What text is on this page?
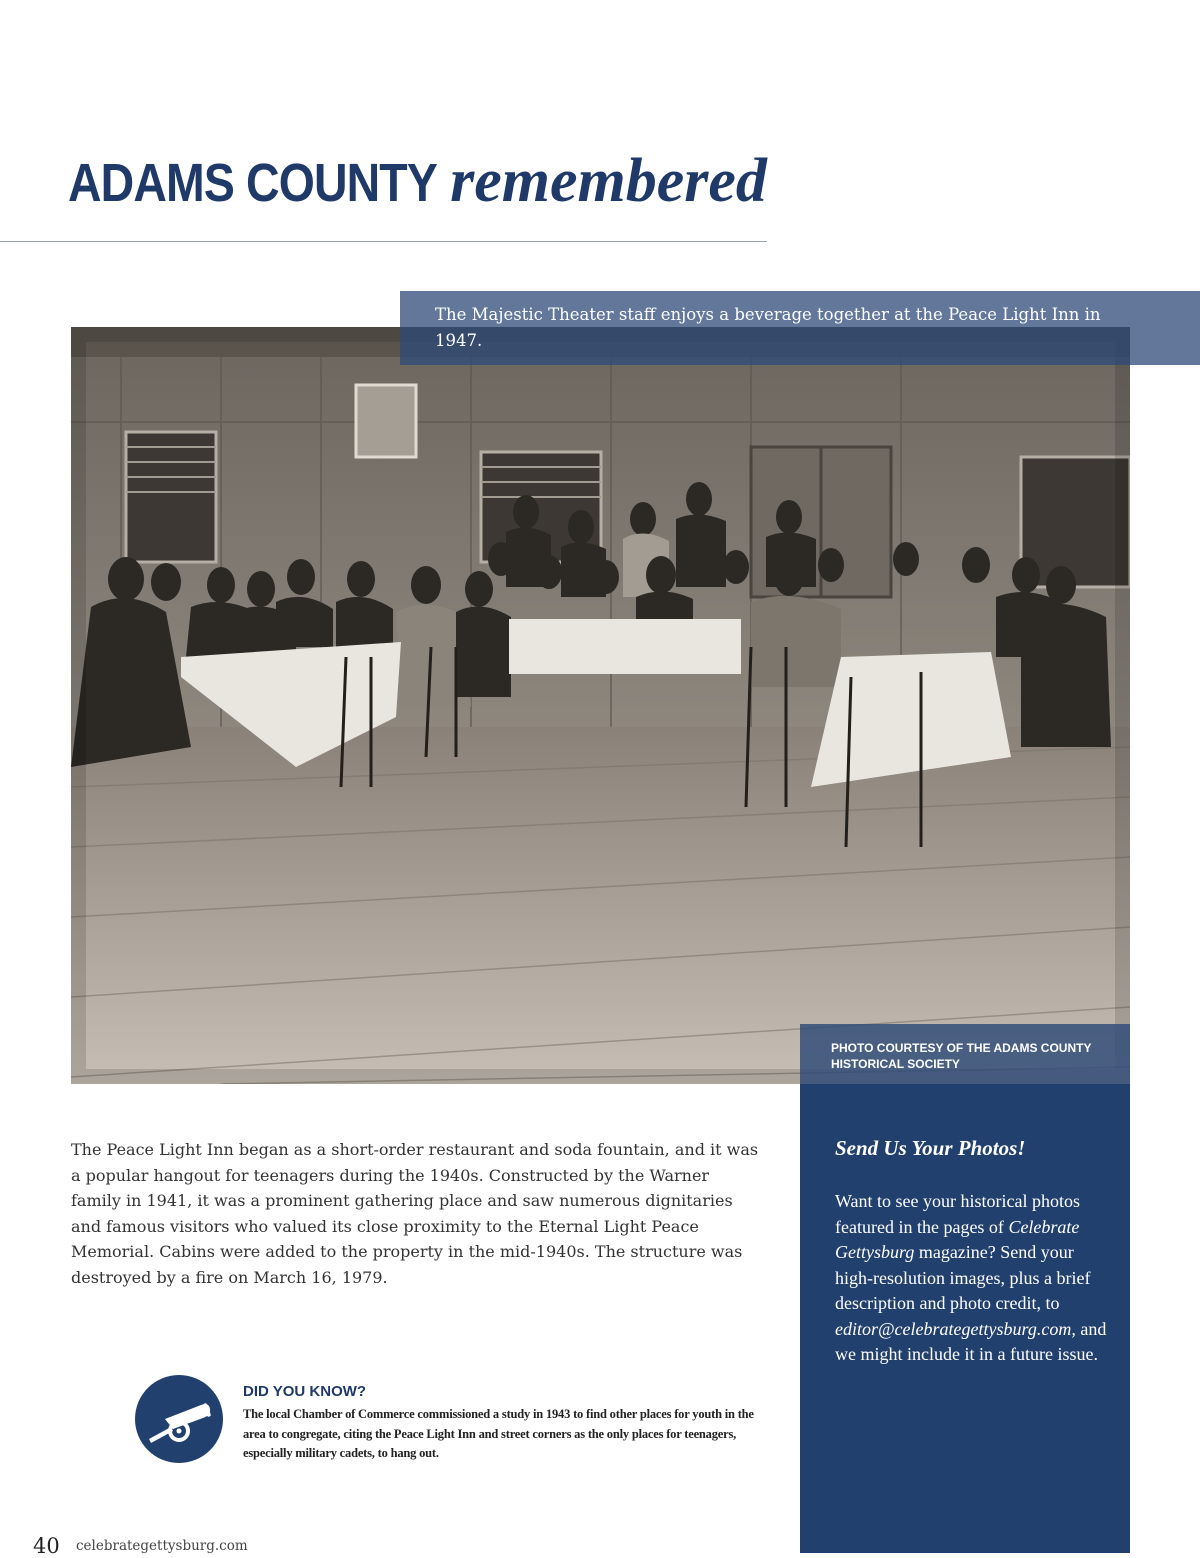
ADAMS COUNTY remembered
The Majestic Theater staff enjoys a beverage together at the Peace Light Inn in 1947.
PHOTO COURTESY OF THE ADAMS COUNTY HISTORICAL SOCIETY
Send Us Your Photos!
Want to see your historical photos featured in the pages of Celebrate Gettysburg magazine? Send your high-resolution images, plus a brief description and photo credit, to editor@celebrategettysburg.com, and we might include it in a future issue.
The Peace Light Inn began as a short-order restaurant and soda fountain, and it was a popular hangout for teenagers during the 1940s. Constructed by the Warner family in 1941, it was a prominent gathering place and saw numerous dignitaries and famous visitors who valued its close proximity to the Eternal Light Peace Memorial. Cabins were added to the property in the mid-1940s. The structure was destroyed by a fire on March 16, 1979.
DID YOU KNOW?
The local Chamber of Commerce commissioned a study in 1943 to find other places for youth in the area to congregate, citing the Peace Light Inn and street corners as the only places for teenagers, especially military cadets, to hang out.
40 celebrategettysburg.com
